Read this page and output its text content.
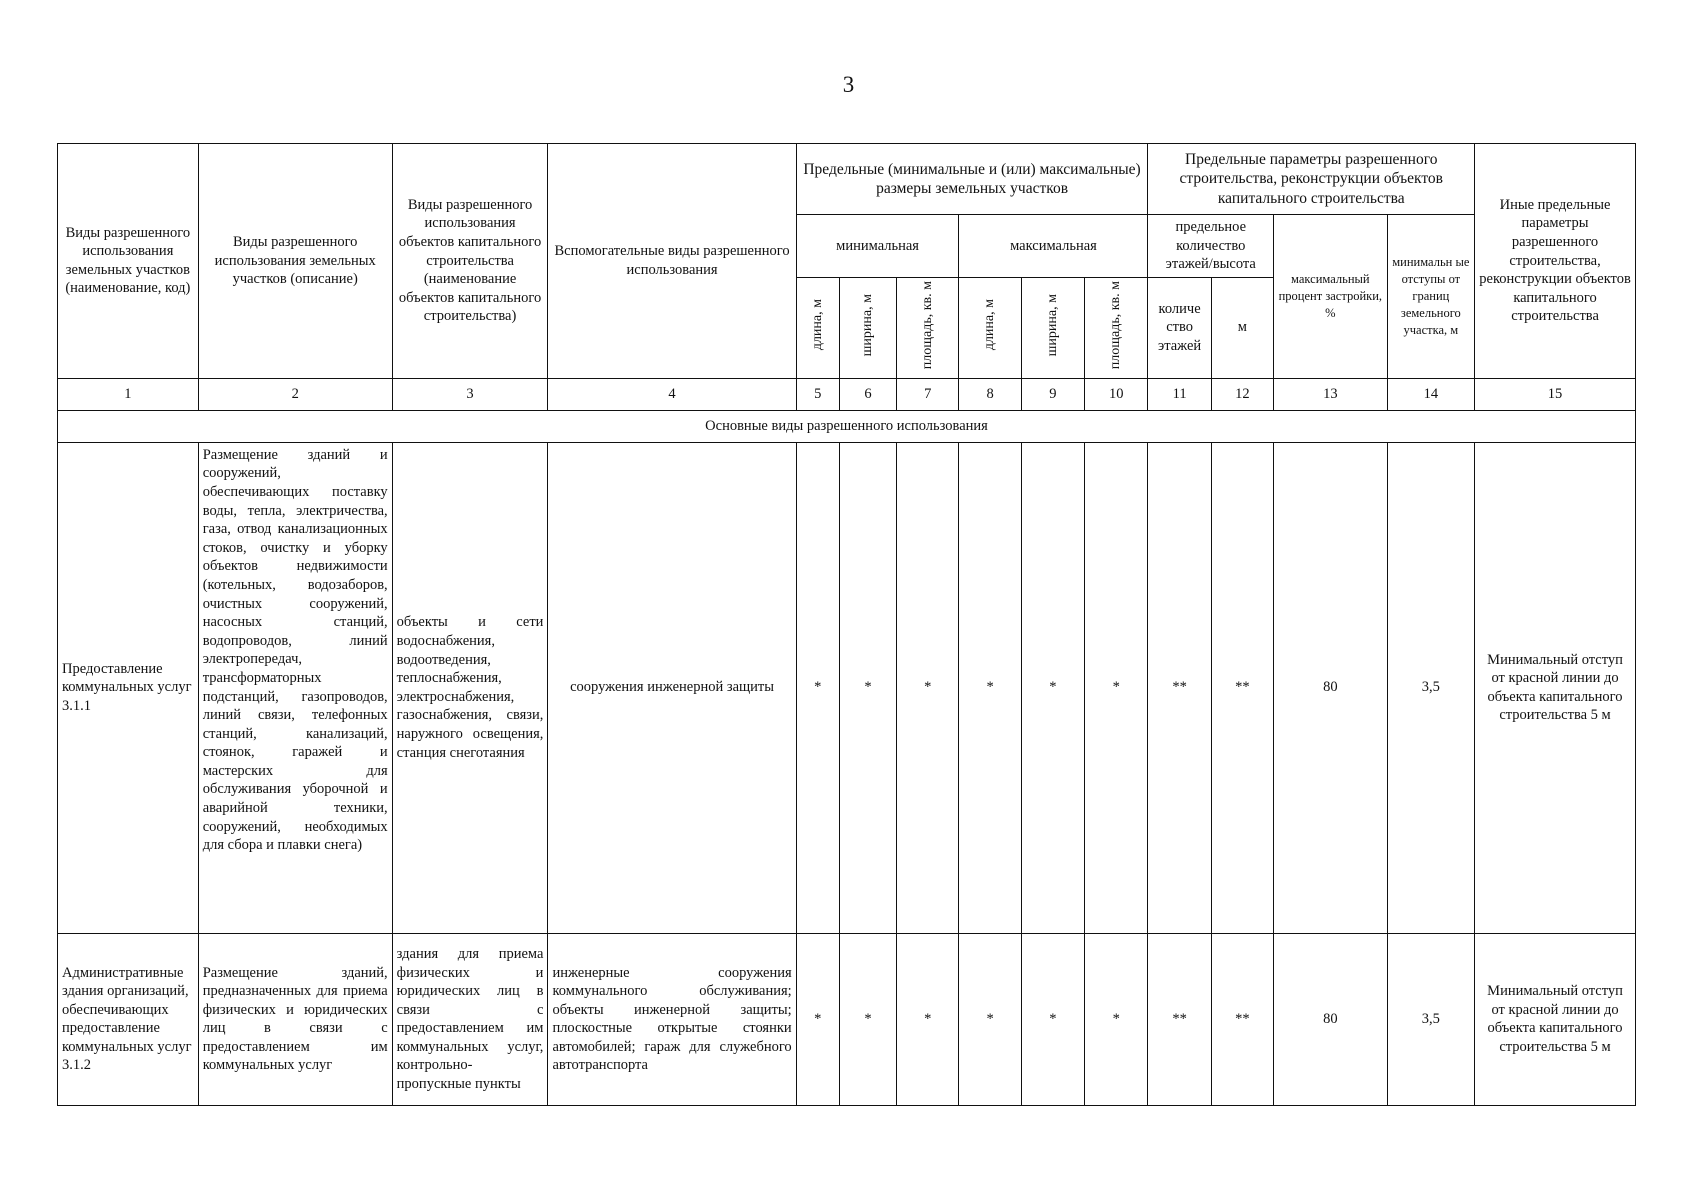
3
Виды разрешенного использования земельных участков (наименование, код)	Виды разрешенного использования земельных участков (описание)	Виды разрешенного использования объектов капитального строительства (наименование объектов капитального строительства)	Вспомогательные виды разрешенного использования	Предельные (минимальные и (или) максимальные) размеры земельных участков						Предельные параметры разрешенного строительства, реконструкции объектов капитального строительства				Иные предельные параметры разрешенного строительства, реконструкции объектов капитального строительства
				минимальная			максимальная			предельное количество этажей/высота		максимальный процент застройки, %	минимальн ые отступы от границ земельного участка, м	
				длина, м	ширина, м	площадь, кв. м	длина, м	ширина, м	площадь, кв. м	количе ство этажей	м			
1	2	3	4	5	6	7	8	9	10	11	12	13	14	15
Основные виды разрешенного использования														
Предоставление коммунальных услуг 3.1.1	Размещение зданий и сооружений, обеспечивающих поставку воды, тепла, электричества, газа, отвод канализационных стоков, очистку и уборку объектов недвижимости (котельных, водозаборов, очистных сооружений, насосных станций, водопроводов, линий электропередач, трансформаторных подстанций, газопроводов, линий связи, телефонных станций, канализаций, стоянок, гаражей и мастерских для обслуживания уборочной и аварийной техники, сооружений, необходимых для сбора и плавки снега)	объекты и сети водоснабжения, водоотведения, теплоснабжения, электроснабжения, газоснабжения, связи, наружного освещения, станция снеготаяния	сооружения инженерной защиты	*	*	*	*	*	*	**	**	80	3,5	Минимальный отступ от красной линии до объекта капитального строительства 5 м
Административные здания организаций, обеспечивающих предоставление коммунальных услуг 3.1.2	Размещение зданий, предназначенных для приема физических и юридических лиц в связи с предоставлением им коммунальных услуг	здания для приема физических и юридических лиц в связи с предоставлением им коммунальных услуг, контрольно-пропускные пункты	инженерные сооружения коммунального обслуживания; объекты инженерной защиты; плоскостные открытые стоянки автомобилей; гараж для служебного автотранспорта	*	*	*	*	*	*	**	**	80	3,5	Минимальный отступ от красной линии до объекта капитального строительства 5 м
